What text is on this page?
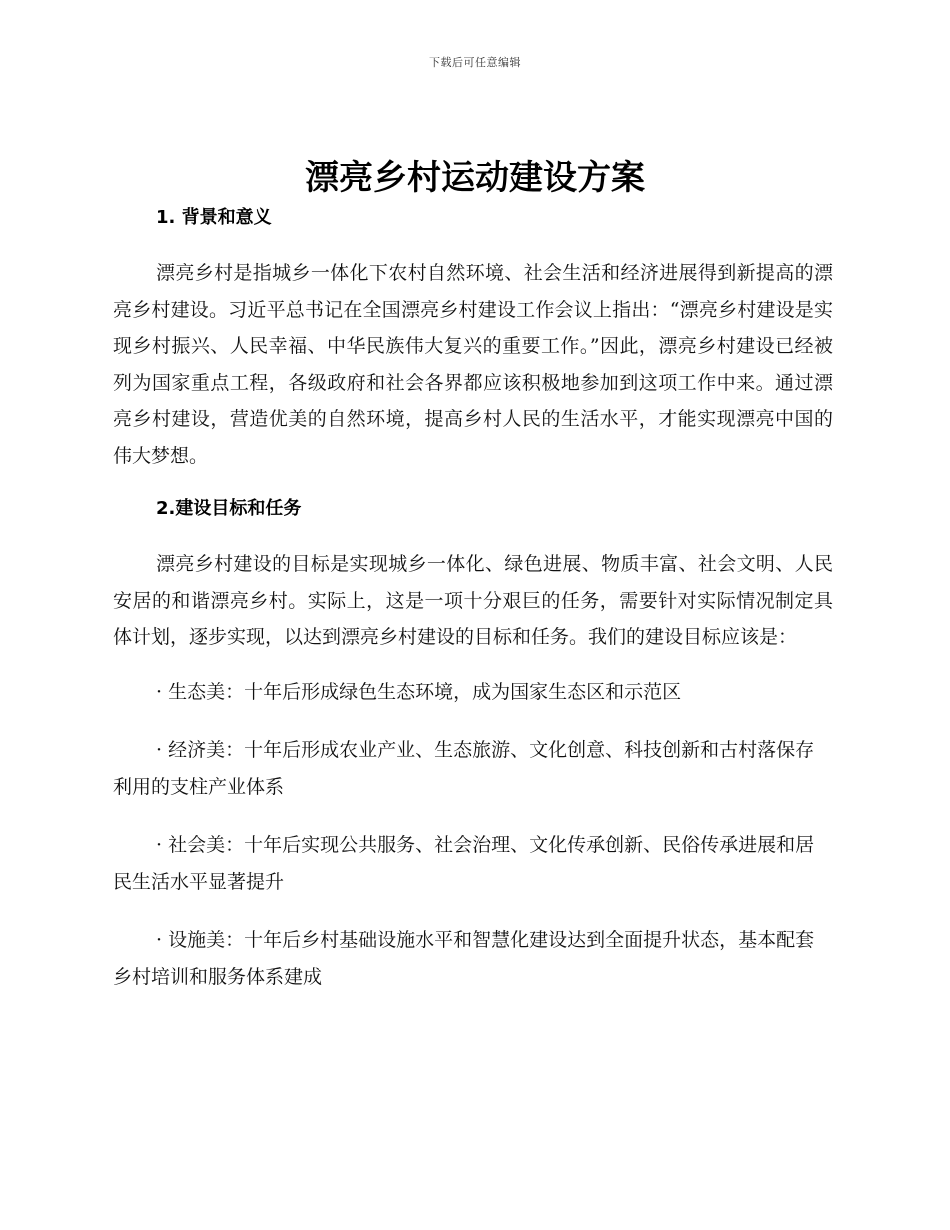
下载后可任意编辑
漂亮乡村运动建设方案
1. 背景和意义

漂亮乡村是指城乡一体化下农村自然环境、社会生活和经济进展得到新提高的漂亮乡村建设。习近平总书记在全国漂亮乡村建设工作会议上指出：“漂亮乡村建设是实现乡村振兴、人民幸福、中华民族伟大复兴的重要工作。”因此，漂亮乡村建设已经被列为国家重点工程，各级政府和社会各界都应该积极地参加到这项工作中来。通过漂亮乡村建设，营造优美的自然环境，提高乡村人民的生活水平，才能实现漂亮中国的伟大梦想。

2.建设目标和任务

漂亮乡村建设的目标是实现城乡一体化、绿色进展、物质丰富、社会文明、人民安居的和谐漂亮乡村。实际上，这是一项十分艰巨的任务，需要针对实际情况制定具体计划，逐步实现，以达到漂亮乡村建设的目标和任务。我们的建设目标应该是：

· 生态美：十年后形成绿色生态环境，成为国家生态区和示范区

· 经济美：十年后形成农业产业、生态旅游、文化创意、科技创新和古村落保存利用的支柱产业体系

· 社会美：十年后实现公共服务、社会治理、文化传承创新、民俗传承进展和居民生活水平显著提升

· 设施美：十年后乡村基础设施水平和智慧化建设达到全面提升状态，基本配套乡村培训和服务体系建成
